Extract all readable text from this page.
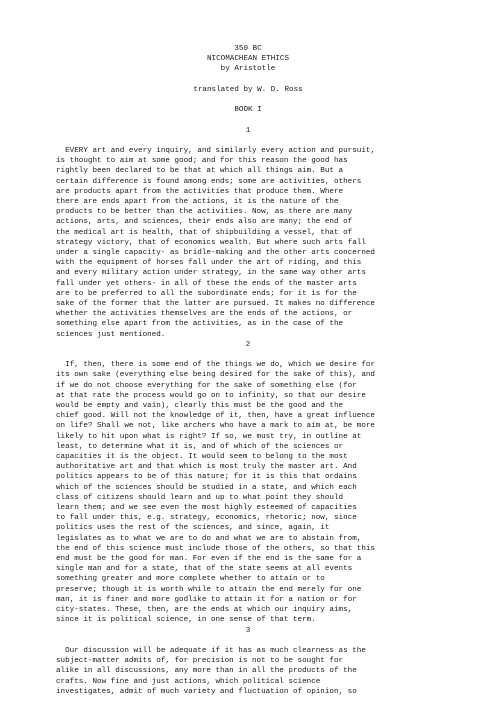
350 BC
NICOMACHEAN ETHICS
by Aristotle
translated by W. D. Ross
BOOK I
1

EVERY art and every inquiry, and similarly every action and pursuit,
is thought to aim at some good; and for this reason the good has
rightly been declared to be that at which all things aim. But a
certain difference is found among ends; some are activities, others
are products apart from the activities that produce them. Where
there are ends apart from the actions, it is the nature of the
products to be better than the activities. Now, as there are many
actions, arts, and sciences, their ends also are many; the end of
the medical art is health, that of shipbuilding a vessel, that of
strategy victory, that of economics wealth. But where such arts fall
under a single capacity- as bridle-making and the other arts concerned
with the equipment of horses fall under the art of riding, and this
and every military action under strategy, in the same way other arts
fall under yet others- in all of these the ends of the master arts
are to be preferred to all the subordinate ends; for it is for the
sake of the former that the latter are pursued. It makes no difference
whether the activities themselves are the ends of the actions, or
something else apart from the activities, as in the case of the
sciences just mentioned.

2

If, then, there is some end of the things we do, which we desire for
its own sake (everything else being desired for the sake of this), and
if we do not choose everything for the sake of something else (for
at that rate the process would go on to infinity, so that our desire
would be empty and vain), clearly this must be the good and the
chief good. Will not the knowledge of it, then, have a great influence
on life? Shall we not, like archers who have a mark to aim at, be more
likely to hit upon what is right? If so, we must try, in outline at
least, to determine what it is, and of which of the sciences or
capacities it is the object. It would seem to belong to the most
authoritative art and that which is most truly the master art. And
politics appears to be of this nature; for it is this that ordains
which of the sciences should be studied in a state, and which each
class of citizens should learn and up to what point they should
learn them; and we see even the most highly esteemed of capacities
to fall under this, e.g. strategy, economics, rhetoric; now, since
politics uses the rest of the sciences, and since, again, it
legislates as to what we are to do and what we are to abstain from,
the end of this science must include those of the others, so that this
end must be the good for man. For even if the end is the same for a
single man and for a state, that of the state seems at all events
something greater and more complete whether to attain or to
preserve; though it is worth while to attain the end merely for one
man, it is finer and more godlike to attain it for a nation or for
city-states. These, then, are the ends at which our inquiry aims,
since it is political science, in one sense of that term.

3

Our discussion will be adequate if it has as much clearness as the
subject-matter admits of, for precision is not to be sought for
alike in all discussions, any more than in all the products of the
crafts. Now fine and just actions, which political science
investigates, admit of much variety and fluctuation of opinion, so
